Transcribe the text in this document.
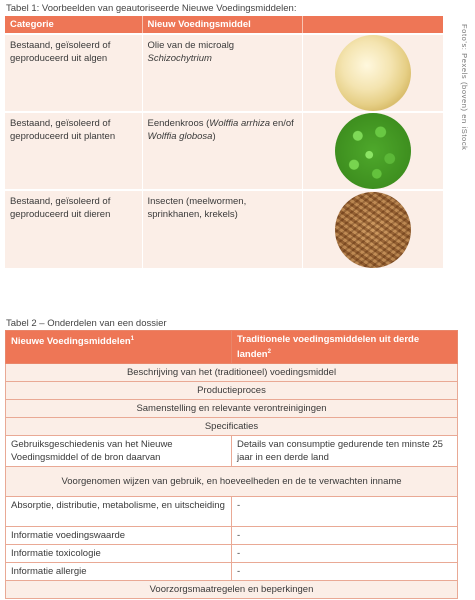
Tabel 1: Voorbeelden van geautoriseerde Nieuwe Voedingsmiddelen:
Categorie	Nieuw Voedingsmiddel	
Bestaand, geïsoleerd of geproduceerd uit algen	Olie van de microalg Schizochytrium	

Bestaand, geïsoleerd of geproduceerd uit planten	Eendenkroos (Wolffia arrhiza en/of Wolffia globosa)	

Bestaand, geïsoleerd of geproduceerd uit dieren	Insecten (meelwormen, sprinkhanen, krekels)	
Foto's: Pexels (boven) en iStock
Tabel 2 – Onderdelen van een dossier
Nieuwe Voedingsmiddelen$^1$	Traditionele voedingsmiddelen uit derde landen$^2$
Beschrijving van het (traditioneel) voedingsmiddel	
Productieproces	
Samenstelling en relevante verontreinigingen	
Specificaties	
Gebruiksgeschiedenis van het Nieuwe Voedingsmiddel of de bron daarvan	Details van consumptie gedurende ten minste 25 jaar in een derde land
Voorgenomen wijzen van gebruik, en hoeveelheden en de te verwachten inname	
Absorptie, distributie, metabolisme, en uitscheiding	-
Informatie voedingswaarde	-
Informatie toxicologie	-
Informatie allergie	-
Voorzorgsmaatregelen en beperkingen	
